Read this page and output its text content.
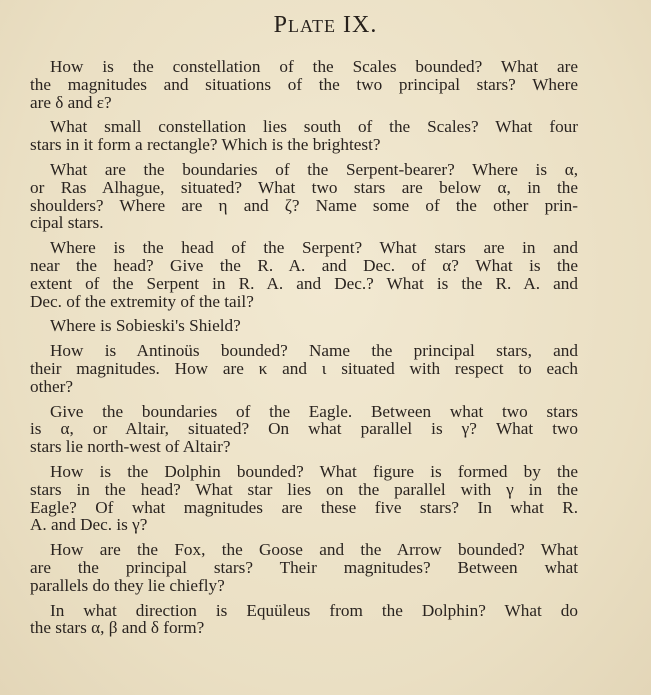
PLATE IX.
How is the constellation of the Scales bounded? What are
the magnitudes and situations of the two principal stars? Where
are δ and ε?
What small constellation lies south of the Scales? What four
stars in it form a rectangle? Which is the brightest?
What are the boundaries of the Serpent-bearer? Where is α,
or Ras Alhague, situated? What two stars are below α, in the
shoulders? Where are η and ζ? Name some of the other prin-
cipal stars.
Where is the head of the Serpent? What stars are in and
near the head? Give the R. A. and Dec. of α? What is the
extent of the Serpent in R. A. and Dec.? What is the R. A. and
Dec. of the extremity of the tail?
Where is Sobieski's Shield?
How is Antinoüs bounded? Name the principal stars, and
their magnitudes. How are κ and ι situated with respect to each
other?
Give the boundaries of the Eagle. Between what two stars
is α, or Altair, situated? On what parallel is γ? What two
stars lie north-west of Altair?
How is the Dolphin bounded? What figure is formed by the
stars in the head? What star lies on the parallel with γ in the
Eagle? Of what magnitudes are these five stars? In what R.
A. and Dec. is γ?
How are the Fox, the Goose and the Arrow bounded? What
are the principal stars? Their magnitudes? Between what
parallels do they lie chiefly?
In what direction is Equüleus from the Dolphin? What do
the stars α, β and δ form?
